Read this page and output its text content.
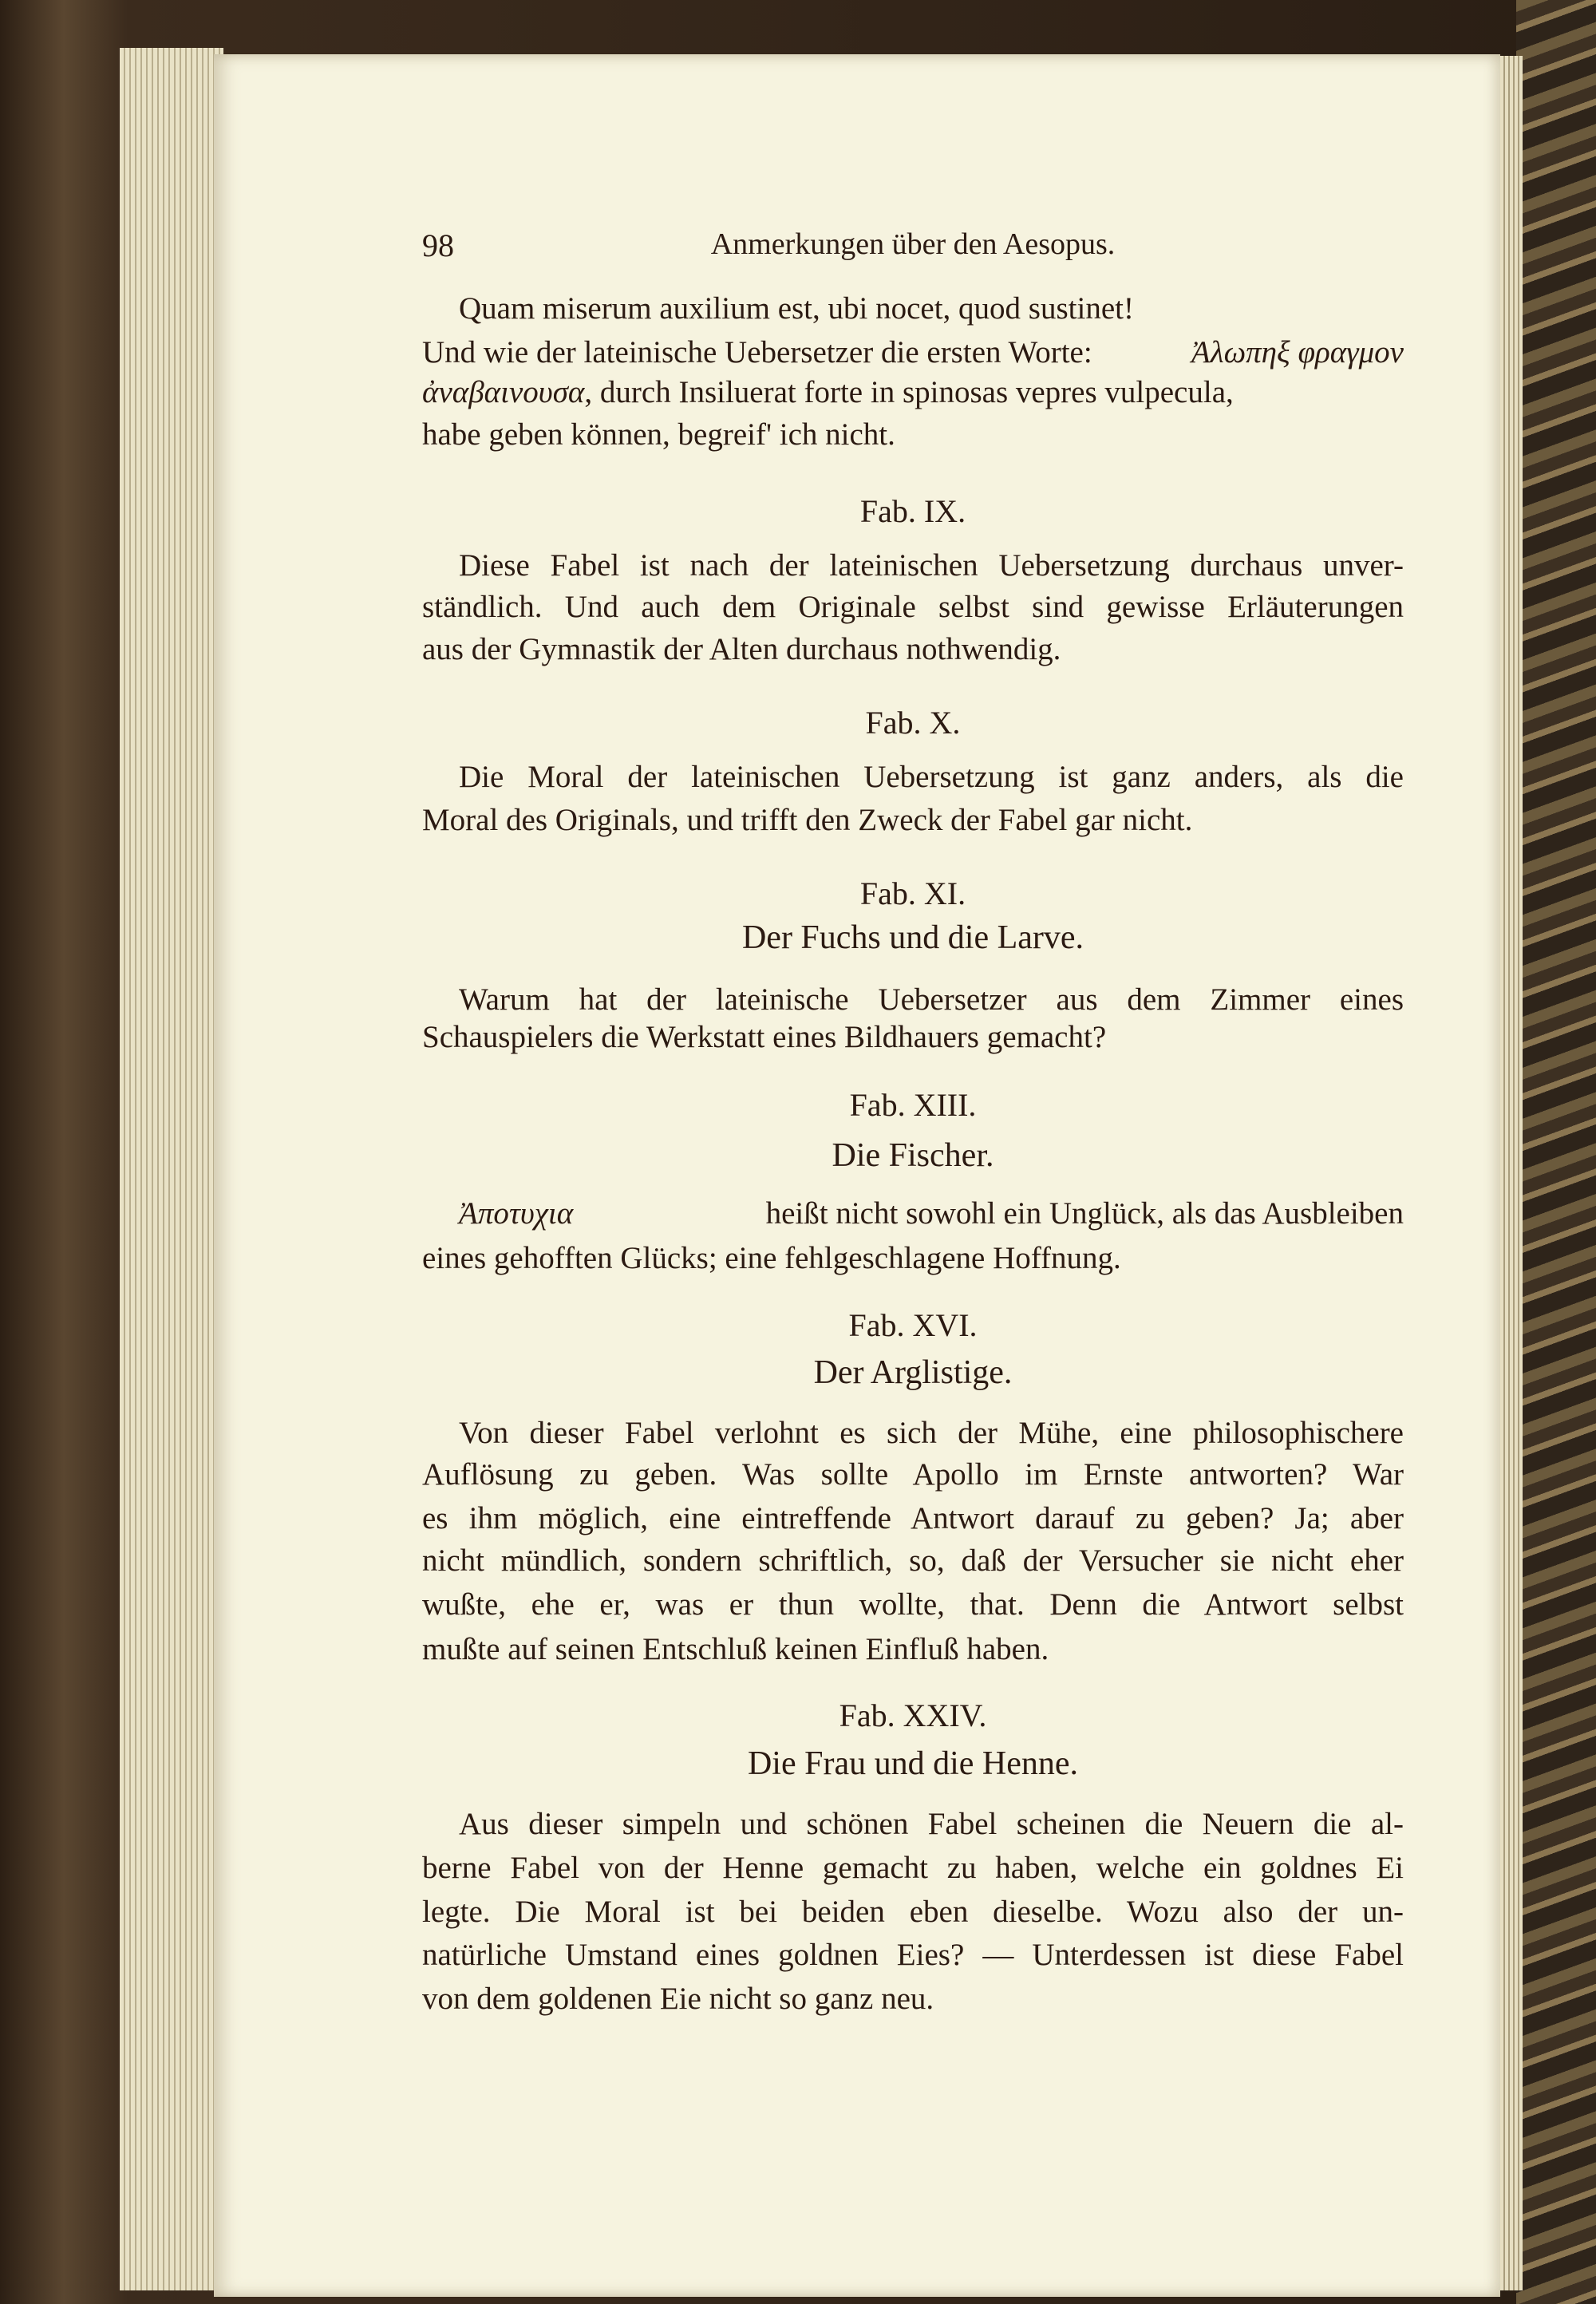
98	Anmerkungen über den Aesopus.
Quam miserum auxilium est, ubi nocet, quod sustinet!
Und wie der lateinische Uebersetzer die ersten Worte:	Ἀλωπηξ φραγμον
ἀναβαινουσα, durch Insiluerat forte in spinosas vepres vulpecula,
habe geben können, begreif' ich nicht.
Fab. IX.
Diese Fabel ist nach der lateinischen Uebersetzung durchaus unver-
ständlich. Und auch dem Originale selbst sind gewisse Erläuterungen
aus der Gymnastik der Alten durchaus nothwendig.
Fab. X.
Die Moral der lateinischen Uebersetzung ist ganz anders, als die
Moral des Originals, und trifft den Zweck der Fabel gar nicht.
Fab. XI.
Der Fuchs und die Larve.
Warum hat der lateinische Uebersetzer aus dem Zimmer eines
Schauspielers die Werkstatt eines Bildhauers gemacht?
Fab. XIII.
Die Fischer.
Ἀποτυχια	heißt nicht sowohl ein Unglück, als das Ausbleiben
eines gehofften Glücks; eine fehlgeschlagene Hoffnung.
Fab. XVI.
Der Arglistige.
Von dieser Fabel verlohnt es sich der Mühe, eine philosophischere
Auflösung zu geben. Was sollte Apollo im Ernste antworten? War
es ihm möglich, eine eintreffende Antwort darauf zu geben? Ja; aber
nicht mündlich, sondern schriftlich, so, daß der Versucher sie nicht eher
wußte, ehe er, was er thun wollte, that. Denn die Antwort selbst
mußte auf seinen Entschluß keinen Einfluß haben.
Fab. XXIV.
Die Frau und die Henne.
Aus dieser simpeln und schönen Fabel scheinen die Neuern die al-
berne Fabel von der Henne gemacht zu haben, welche ein goldnes Ei
legte. Die Moral ist bei beiden eben dieselbe. Wozu also der un-
natürliche Umstand eines goldnen Eies? — Unterdessen ist diese Fabel
von dem goldenen Eie nicht so ganz neu.
